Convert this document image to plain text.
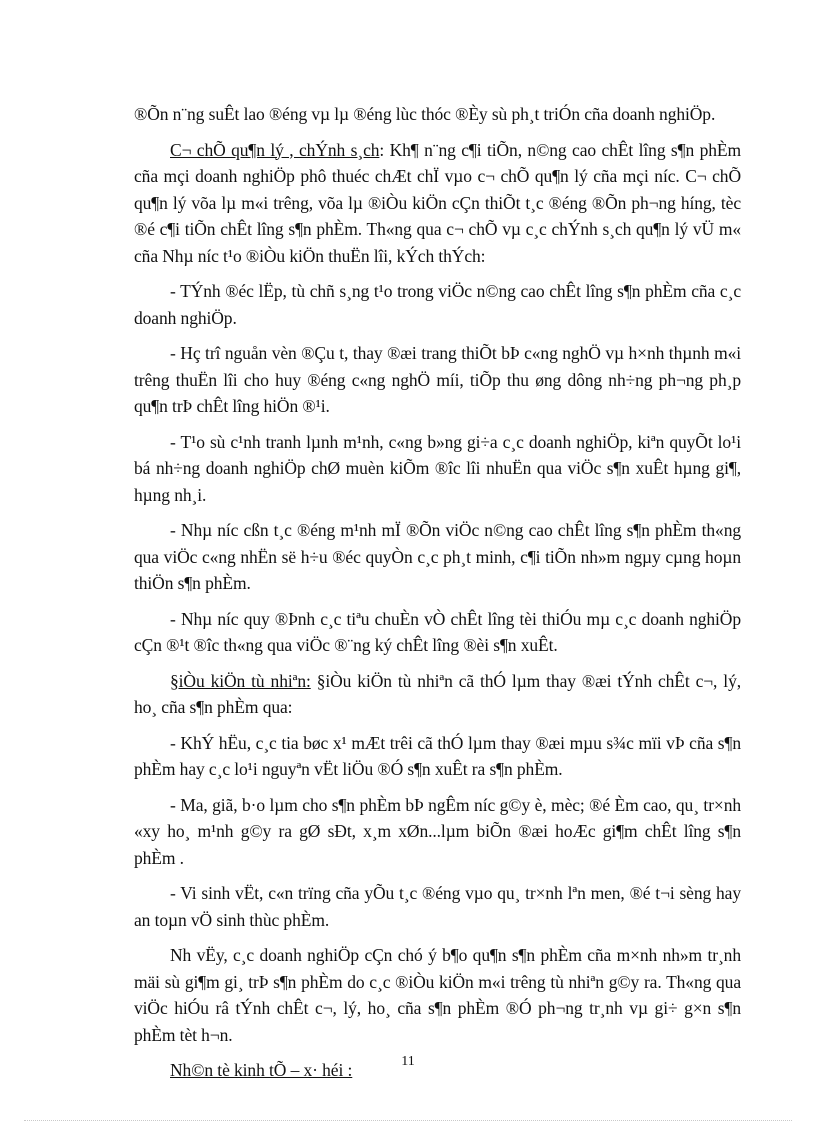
®Õn n¨ng suÊt lao ®éng vµ lµ ®éng lùc thóc ®Èy sù ph¸t triÓn cña doanh nghiÖp.

C¬ chÕ qu¶n lý , chÝnh s¸ch: Kh¶ n¨ng c¶i tiÕn, n©ng cao chÊt lîng s¶n phÈm cña mçi doanh nghiÖp phô thuéc chÆt chÏ vµo c¬ chÕ qu¶n lý cña mçi níc. C¬ chÕ qu¶n lý võa lµ m«i trêng, võa lµ ®iÒu kiÖn cÇn thiÕt t¸c ®éng ®Õn ph¬ng híng, tèc ®é c¶i tiÕn chÊt lîng s¶n phÈm. Th«ng qua c¬ chÕ vµ c¸c chÝnh s¸ch qu¶n lý vÜ m« cña Nhµ níc t¹o ®iÒu kiÖn thuËn lîi, kÝch thÝch:

- TÝnh ®éc lËp, tù chñ s¸ng t¹o trong viÖc n©ng cao chÊt lîng s¶n phÈm cña c¸c doanh nghiÖp.

- Hç trî nguån vèn ®Çu t, thay ®æi trang thiÕt bÞ c«ng nghÖ vµ h×nh thµnh m«i trêng thuËn lîi cho huy ®éng c«ng nghÖ míi, tiÕp thu øng dông nh÷ng ph¬ng ph¸p qu¶n trÞ chÊt lîng hiÖn ®¹i.

- T¹o sù c¹nh tranh lµnh m¹nh, c«ng b»ng gi÷a c¸c doanh nghiÖp, kiªn quyÕt lo¹i bá nh÷ng doanh nghiÖp chØ muèn kiÕm ®îc lîi nhuËn qua viÖc s¶n xuÊt hµng gi¶, hµng nh¸i.

- Nhµ níc cßn t¸c ®éng m¹nh mÏ ®Õn viÖc n©ng cao chÊt lîng s¶n phÈm th«ng qua viÖc c«ng nhËn së h÷u ®éc quyÒn c¸c ph¸t minh, c¶i tiÕn nh»m ngµy cµng hoµn thiÖn s¶n phÈm.

- Nhµ níc quy ®Þnh c¸c tiªu chuÈn vÒ chÊt lîng tèi thiÓu mµ c¸c doanh nghiÖp cÇn ®¹t ®îc th«ng qua viÖc ®¨ng ký chÊt lîng ®èi s¶n xuÊt.

§iÒu kiÖn tù nhiªn: §iÒu kiÖn tù nhiªn cã thÓ lµm thay ®æi tÝnh chÊt c¬, lý, ho¸ cña s¶n phÈm qua:

- KhÝ hËu, c¸c tia bøc x¹ mÆt trêi cã thÓ lµm thay ®æi mµu s¾c mïi vÞ cña s¶n phÈm hay c¸c lo¹i nguyªn vËt liÖu ®Ó s¶n xuÊt ra s¶n phÈm.

- Ma, giã, b·o lµm cho s¶n phÈm bÞ ngÊm níc g©y è, mèc; ®é Èm cao, qu¸ tr×nh «xy ho¸ m¹nh g©y ra gØ sÐt, x¸m xØn...lµm biÕn ®æi hoÆc gi¶m chÊt lîng s¶n phÈm .

- Vi sinh vËt, c«n trïng cña yÕu t¸c ®éng vµo qu¸ tr×nh lªn men, ®é t¬i sèng hay an toµn vÖ sinh thùc phÈm.

Nh vËy, c¸c doanh nghiÖp cÇn chó ý b¶o qu¶n s¶n phÈm cña m×nh nh»m tr¸nh mäi sù gi¶m gi¸ trÞ s¶n phÈm do c¸c ®iÒu kiÖn m«i trêng tù nhiªn g©y ra. Th«ng qua viÖc hiÓu râ tÝnh chÊt c¬, lý, ho¸ cña s¶n phÈm ®Ó ph¬ng tr¸nh vµ gi÷ g×n s¶n phÈm tèt h¬n.

Nh©n tè kinh tÕ – x· héi :	11
